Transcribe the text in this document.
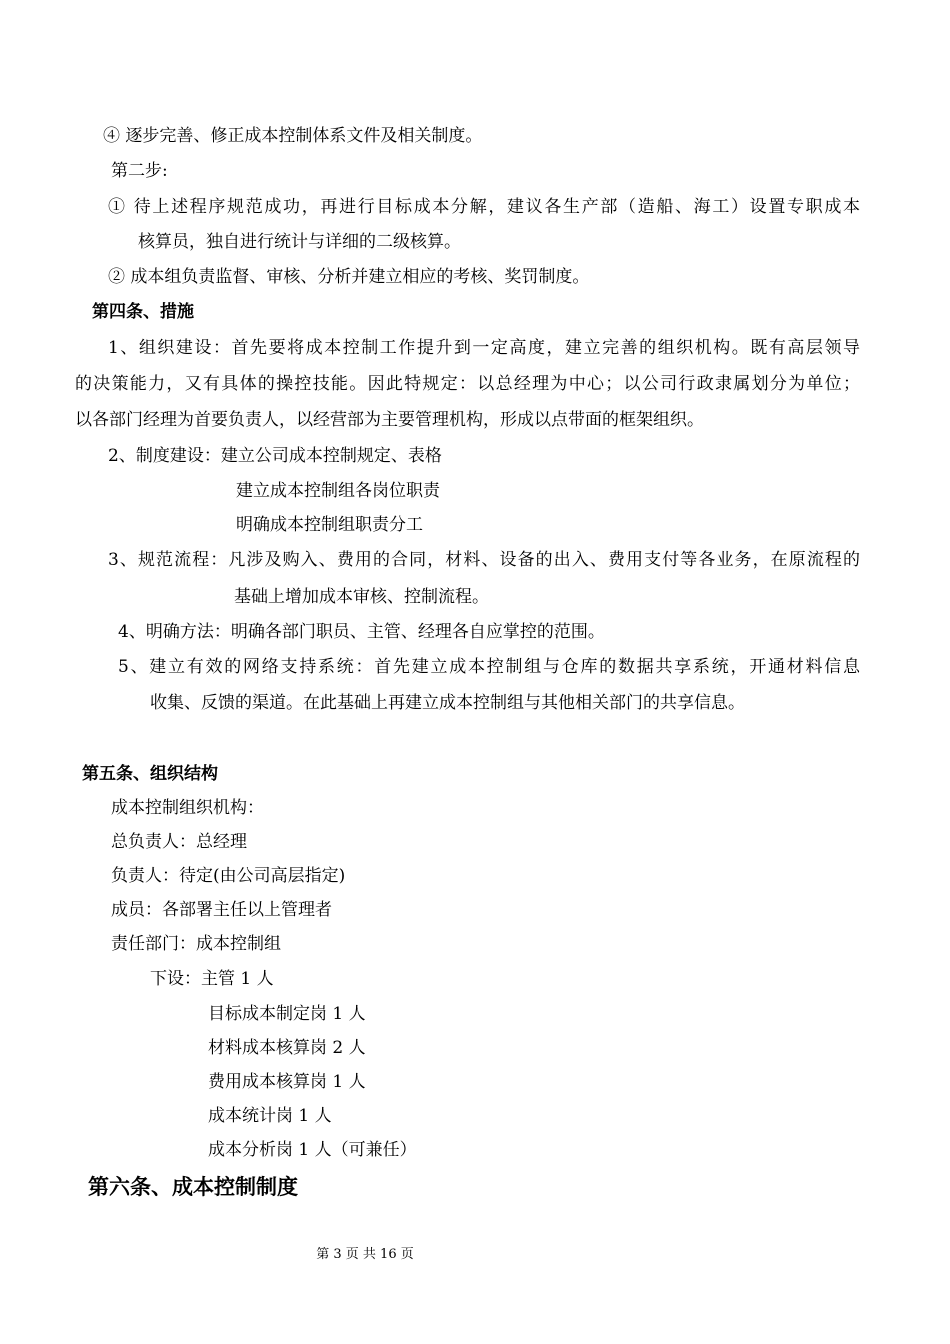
④ 逐步完善、修正成本控制体系文件及相关制度。
第二步:
① 待上述程序规范成功，再进行目标成本分解，建议各生产部（造船、海工）设置专职成本
核算员，独自进行统计与详细的二级核算。
② 成本组负责监督、审核、分析并建立相应的考核、奖罚制度。
第四条、措施
1、组织建设：首先要将成本控制工作提升到一定高度，建立完善的组织机构。既有高层领导
的决策能力，又有具体的操控技能。因此特规定：以总经理为中心；以公司行政隶属划分为单位；
以各部门经理为首要负责人，以经营部为主要管理机构，形成以点带面的框架组织。
2、制度建设：建立公司成本控制规定、表格
建立成本控制组各岗位职责
明确成本控制组职责分工
3、规范流程：凡涉及购入、费用的合同，材料、设备的出入、费用支付等各业务，在原流程的
基础上增加成本审核、控制流程。
4、明确方法：明确各部门职员、主管、经理各自应掌控的范围。
5、建立有效的网络支持系统：首先建立成本控制组与仓库的数据共享系统，开通材料信息
收集、反馈的渠道。在此基础上再建立成本控制组与其他相关部门的共享信息。
第五条、组织结构
成本控制组织机构：
总负责人：总经理
负责人：待定(由公司高层指定)
成员：各部署主任以上管理者
责任部门：成本控制组
下设：主管 1 人
目标成本制定岗 1 人
材料成本核算岗 2 人
费用成本核算岗 1 人
成本统计岗 1 人
成本分析岗 1 人（可兼任）
第六条、成本控制制度
第 3 页 共 16 页
